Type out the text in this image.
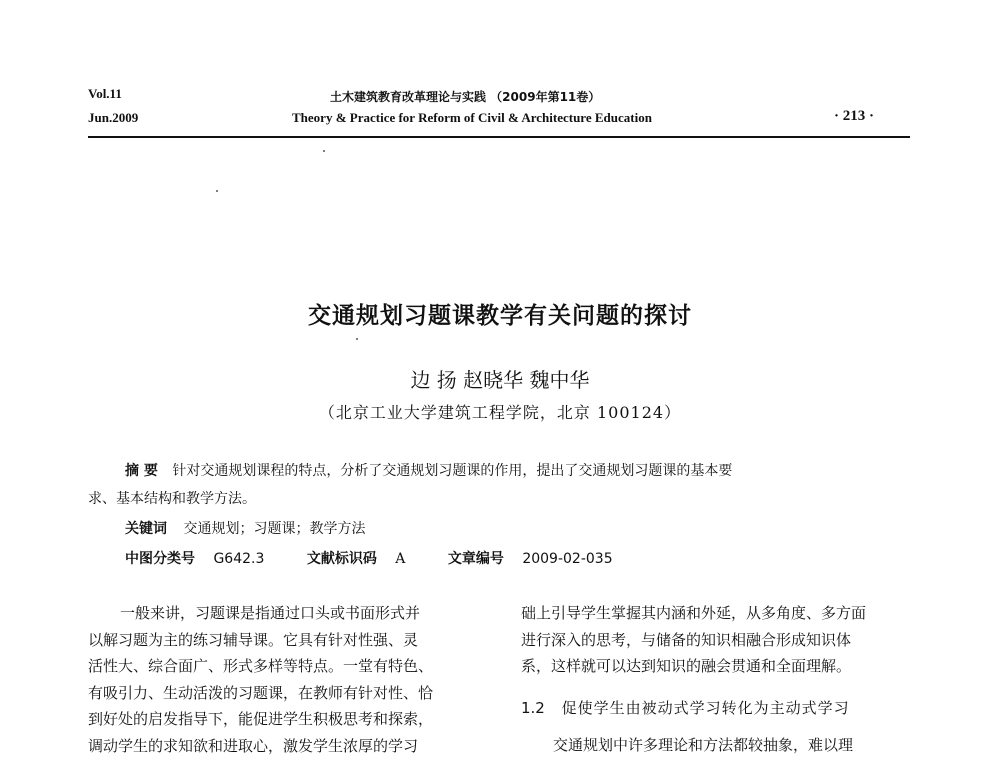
Vol.11
Jun.2009
土木建筑教育改革理论与实践 （2009年第11卷）
Theory & Practice for Reform of Civil & Architecture Education	· 213 ·
交通规划习题课教学有关问题的探讨
边 扬 赵晓华 魏中华
（北京工业大学建筑工程学院，北京 100124）
摘 要 针对交通规划课程的特点，分析了交通规划习题课的作用，提出了交通规划习题课的基本要
求、基本结构和教学方法。
关键词 交通规划；习题课；教学方法
中图分类号 G642.3	文献标识码 A	文章编号 2009-02-035
一般来讲，习题课是指通过口头或书面形式并
以解习题为主的练习辅导课。它具有针对性强、灵
活性大、综合面广、形式多样等特点。一堂有特色、
有吸引力、生动活泼的习题课，在教师有针对性、恰
到好处的启发指导下，能促进学生积极思考和探索，
调动学生的求知欲和进取心，激发学生浓厚的学习
础上引导学生掌握其内涵和外延，从多角度、多方面
进行深入的思考，与储备的知识相融合形成知识体
系，这样就可以达到知识的融会贯通和全面理解。
1.2 促使学生由被动式学习转化为主动式学习
交通规划中许多理论和方法都较抽象，难以理
